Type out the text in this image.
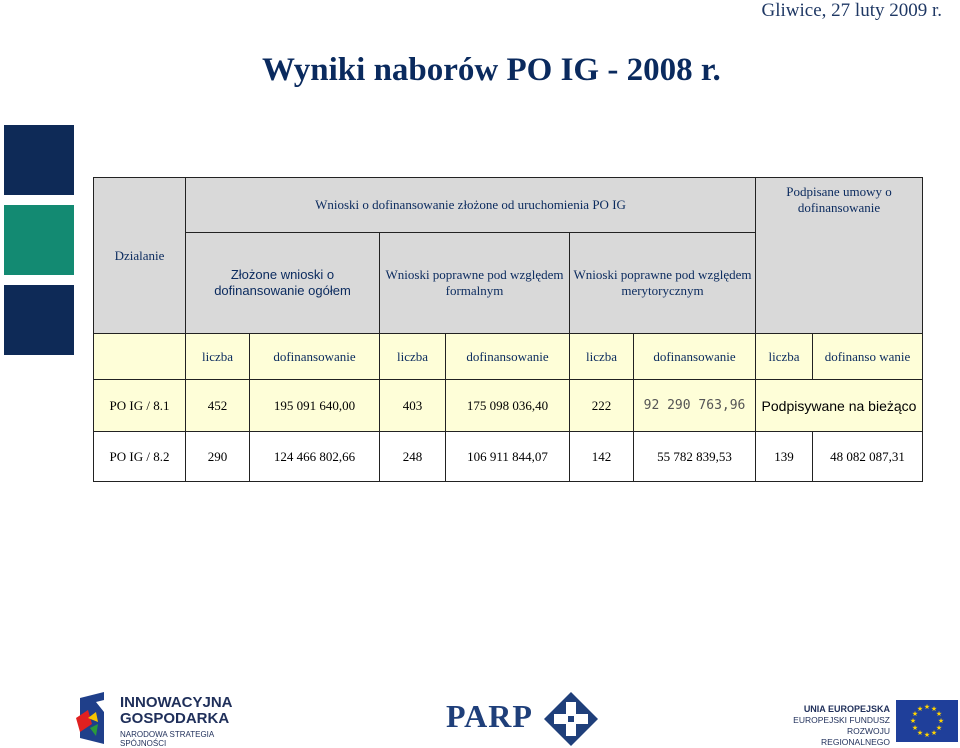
Gliwice, 27 luty 2009 r.
Wyniki naborów PO IG - 2008 r.
Dzialanie	Wnioski o dofinansowanie złożone od uruchomienia PO IG						Podpisane umowy o dofinansowanie	
	Złożone wnioski o dofinansowanie ogółem		Wnioski poprawne pod względem formalnym		Wnioski poprawne pod względem merytorycznym			
	liczba	dofinansowanie	liczba	dofinansowanie	liczba	dofinansowanie	liczba	dofinanso wanie
PO IG / 8.1	452	195 091 640,00	403	175 098 036,40	222	92 290 763,96	Podpisywane na bieżąco	
PO IG / 8.2	290	124 466 802,66	248	106 911 844,07	142	55 782 839,53	139	48 082 087,31
INNOWACYJNA
GOSPODARKA
NARODOWA STRATEGIA SPÓJNOŚCI
PARP	UNIA EUROPEJSKA
EUROPEJSKI FUNDUSZ
ROZWOJU REGIONALNEGO
★ ★
★
★
★
★
★
★
★
★
★
★
